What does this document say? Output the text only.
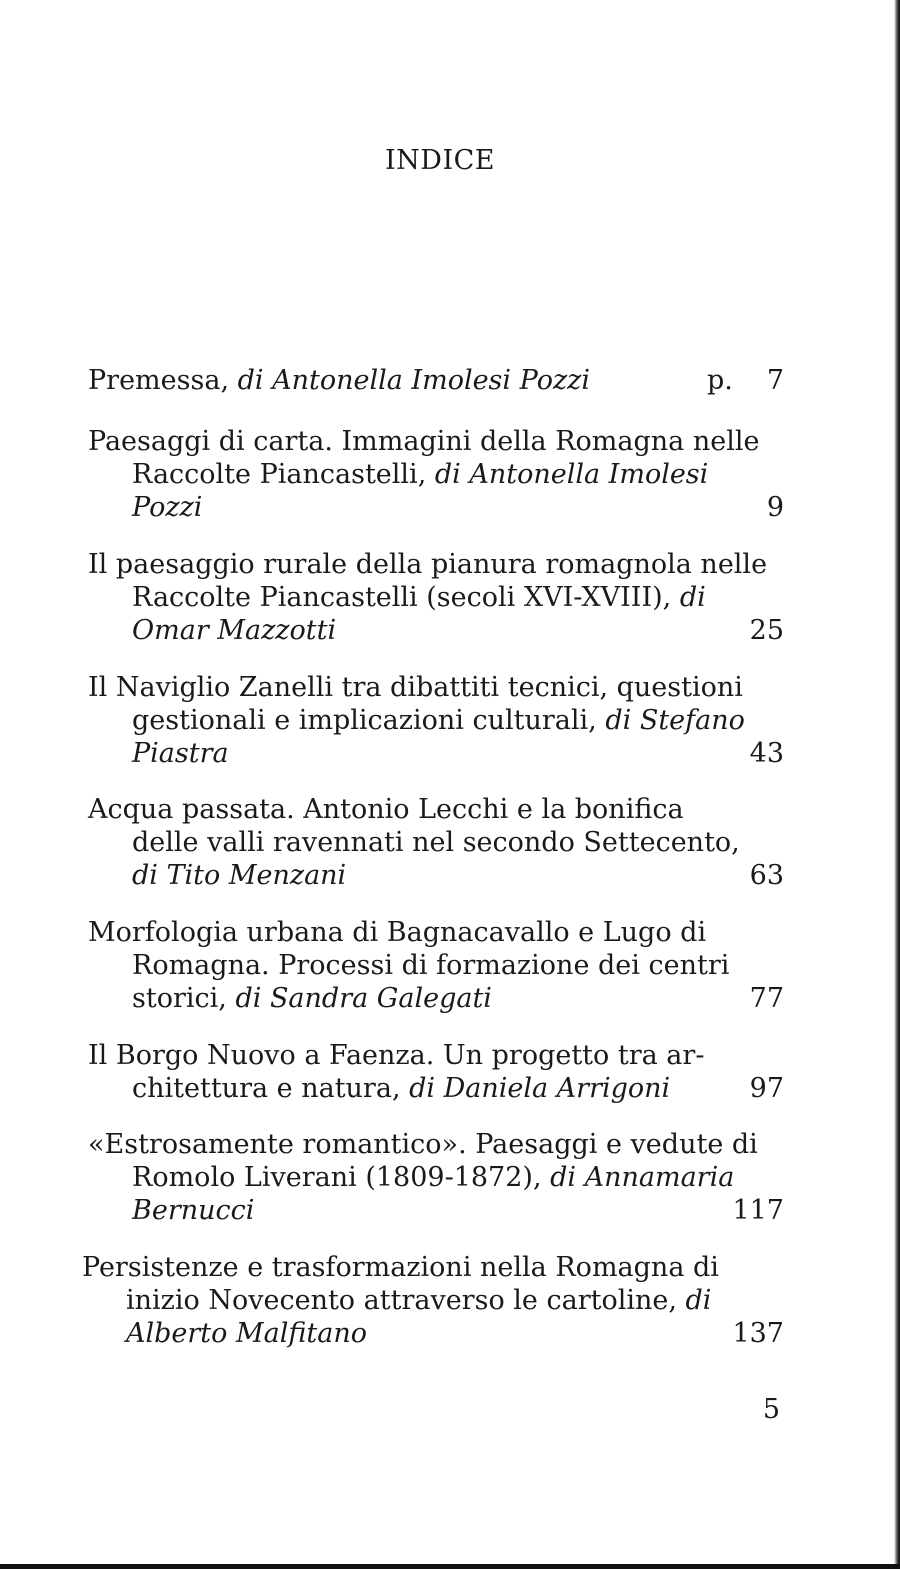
INDICE
Premessa, di Antonella Imolesi Pozzi	p.	7
Paesaggi di carta. Immagini della Romagna nelle
Raccolte Piancastelli, di Antonella Imolesi
Pozzi	9
Il paesaggio rurale della pianura romagnola nelle
Raccolte Piancastelli (secoli XVI-XVIII), di
Omar Mazzotti	25
Il Naviglio Zanelli tra dibattiti tecnici, questioni
gestionali e implicazioni culturali, di Stefano
Piastra	43
Acqua passata. Antonio Lecchi e la bonifica
delle valli ravennati nel secondo Settecento,
di Tito Menzani	63
Morfologia urbana di Bagnacavallo e Lugo di
Romagna. Processi di formazione dei centri
storici, di Sandra Galegati	77
Il Borgo Nuovo a Faenza. Un progetto tra ar-
chitettura e natura, di Daniela Arrigoni	97
«Estrosamente romantico». Paesaggi e vedute di
Romolo Liverani (1809-1872), di Annamaria
Bernucci	117
Persistenze e trasformazioni nella Romagna di
inizio Novecento attraverso le cartoline, di
Alberto Malfitano	137
5
